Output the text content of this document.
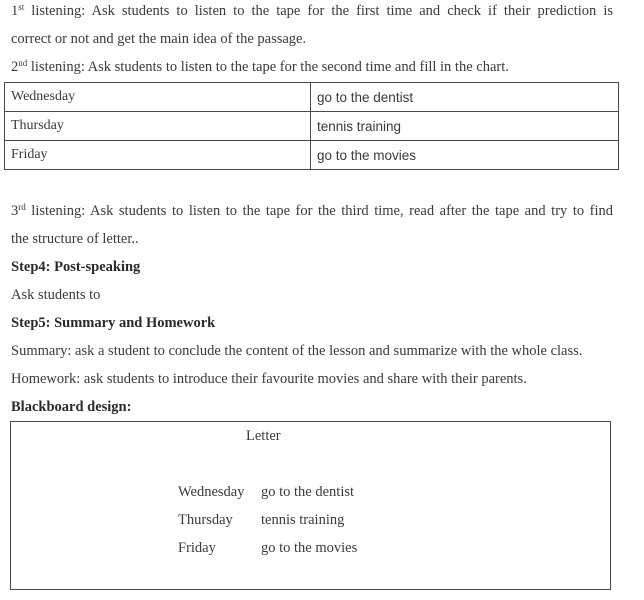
1st listening: Ask students to listen to the tape for the first time and check if their prediction is
correct or not and get the main idea of the passage.
2nd listening: Ask students to listen to the tape for the second time and fill in the chart.
Wednesday	go to the dentist
Thursday	tennis training
Friday	go to the movies
3rd listening: Ask students to listen to the tape for the third time, read after the tape and try to find
the structure of letter..
Step4: Post-speaking
Ask students to
Step5: Summary and Homework
Summary: ask a student to conclude the content of the lesson and summarize with the whole class.
Homework: ask students to introduce their favourite movies and share with their parents.
Blackboard design:
Letter
Wednesday go to the dentist
Thursday tennis training
Friday	go to the movies
